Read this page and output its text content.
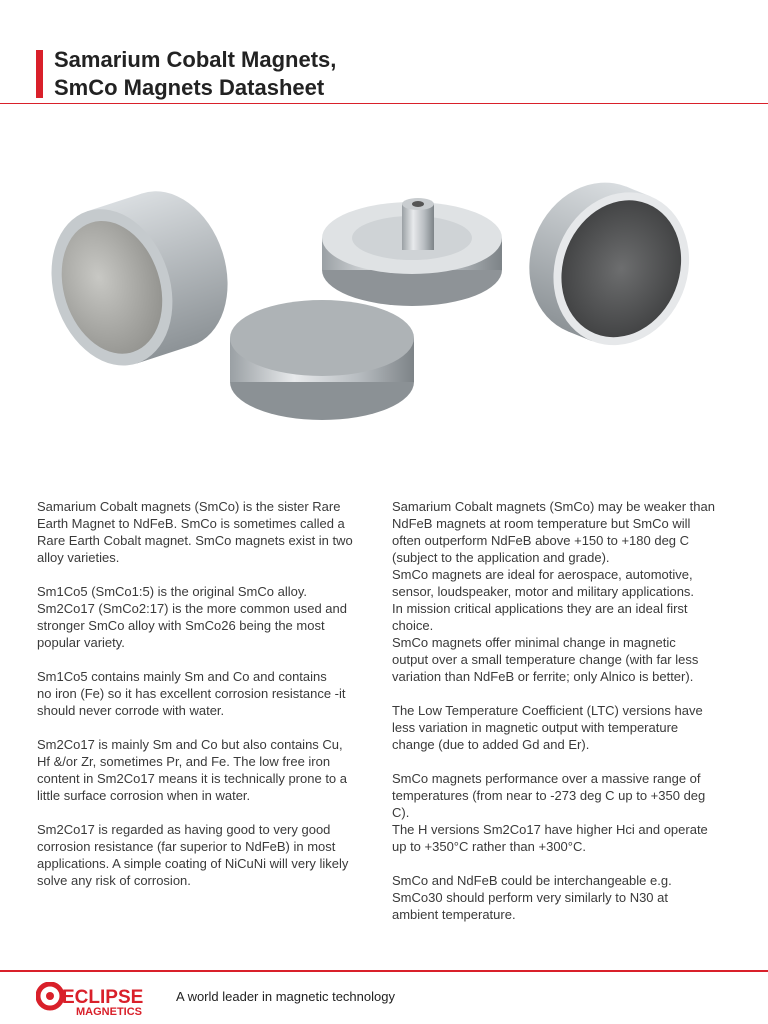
Samarium Cobalt Magnets,
SmCo Magnets Datasheet

Samarium Cobalt magnets (SmCo) is the sister Rare
Earth Magnet to NdFeB. SmCo is sometimes called a
Rare Earth Cobalt magnet. SmCo magnets exist in two
alloy varieties.

Sm1Co5 (SmCo1:5) is the original SmCo alloy.
Sm2Co17 (SmCo2:17) is the more common used and
stronger SmCo alloy with SmCo26 being the most
popular variety.

Sm1Co5 contains mainly Sm and Co and contains
no iron (Fe) so it has excellent corrosion resistance -it
should never corrode with water.

Sm2Co17 is mainly Sm and Co but also contains Cu,
Hf &/or Zr, sometimes Pr, and Fe. The low free iron
content in Sm2Co17 means it is technically prone to a
little surface corrosion when in water.

Sm2Co17 is regarded as having good to very good
corrosion resistance (far superior to NdFeB) in most
applications. A simple coating of NiCuNi will very likely
solve any risk of corrosion.

Samarium Cobalt magnets (SmCo) may be weaker than
NdFeB magnets at room temperature but SmCo will
often outperform NdFeB above +150 to +180 deg C
(subject to the application and grade).
SmCo magnets are ideal for aerospace, automotive,
sensor, loudspeaker, motor and military applications.
In mission critical applications they are an ideal first
choice.
SmCo magnets offer minimal change in magnetic
output over a small temperature change (with far less
variation than NdFeB or ferrite; only Alnico is better).

The Low Temperature Coefficient (LTC) versions have
less variation in magnetic output with temperature
change (due to added Gd and Er).

SmCo magnets performance over a massive range of
temperatures (from near to -273 deg C up to +350 deg
C).
The H versions Sm2Co17 have higher Hci and operate
up to +350°C rather than +300°C.

SmCo and NdFeB could be interchangeable e.g.
SmCo30 should perform very similarly to N30 at
ambient temperature.

ECLIPSE
MAGNETICS
A world leader in magnetic technology
